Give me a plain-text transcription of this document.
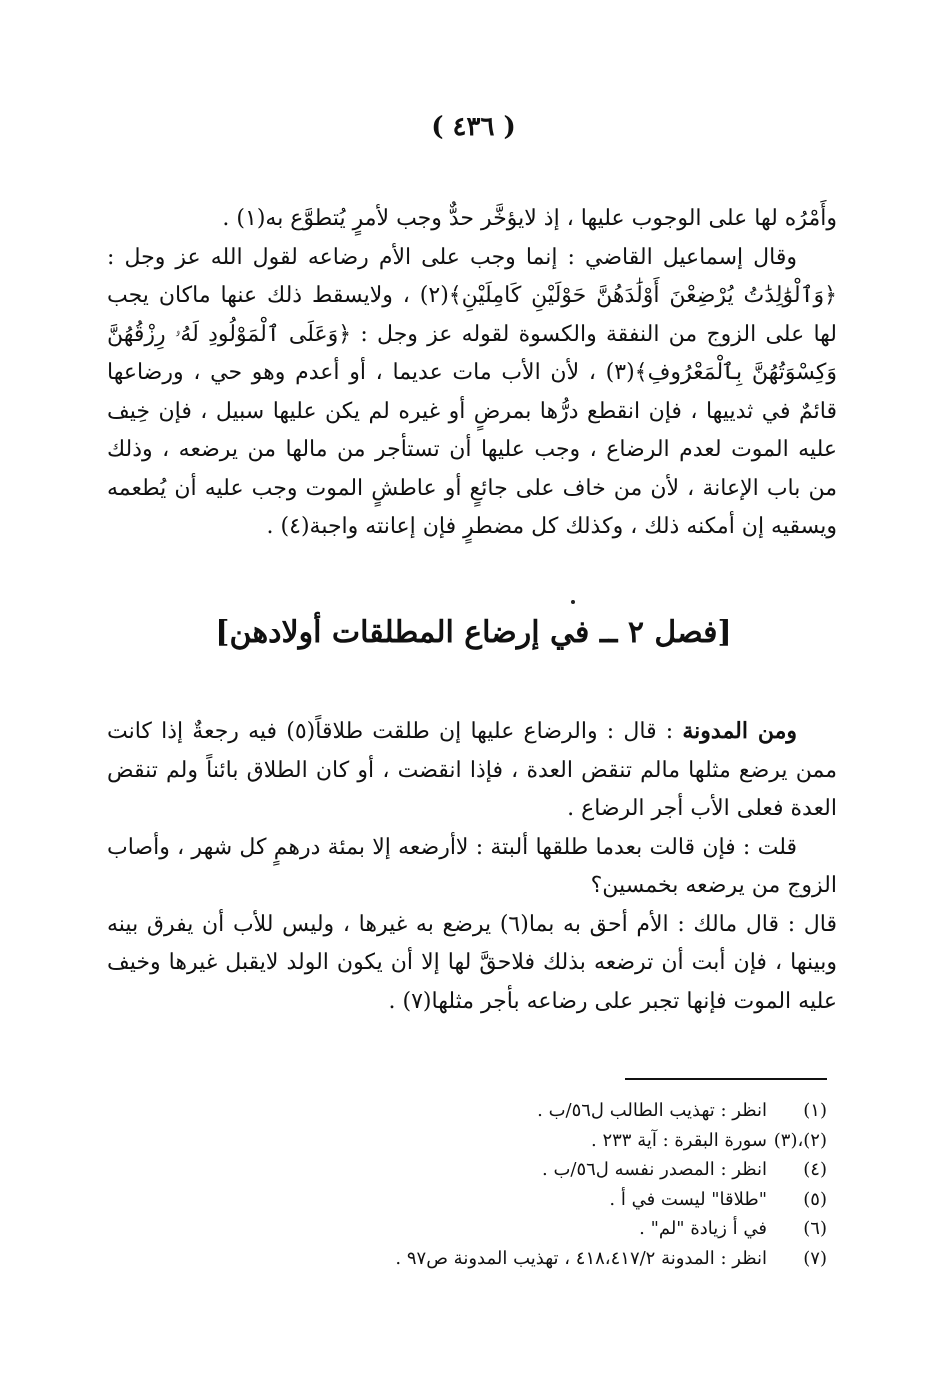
( ٤٣٦ )

وأَمْرُه لها على الوجوب عليها ، إذ لايؤخَّر حدٌّ وجب لأمرٍ يُتطوَّع به(١) .

وقال إسماعيل القاضي : إنما وجب على الأم رضاعه لقول الله عز وجل : ﴿وَٱلْوَٰلِدَٰتُ يُرْضِعْنَ أَوْلَٰدَهُنَّ حَوْلَيْنِ كَامِلَيْنِ﴾(٢) ، ولايسقط ذلك عنها ماكان يجب لها على الزوج من النفقة والكسوة لقوله عز وجل : ﴿وَعَلَى ٱلْمَوْلُودِ لَهُۥ رِزْقُهُنَّ وَكِسْوَتُهُنَّ بِٱلْمَعْرُوفِ﴾(٣) ، لأن الأب مات عديما ، أو أعدم وهو حي ، ورضاعها قائمٌ في ثدييها ، فإن انقطع درُّها بمرضٍ أو غيره لم يكن عليها سبيل ، فإن خِيف عليه الموت لعدم الرضاع ، وجب عليها أن تستأجر من مالها من يرضعه ، وذلك من باب الإعانة ، لأن من خاف على جائعٍ أو عاطشٍ الموت وجب عليه أن يُطعمه ويسقيه إن أمكنه ذلك ، وكذلك كل مضطرٍ فإن إعانته واجبة(٤) .

[فصل ٢ ــ في إرضاع المطلقات أولادهن]

ومن المدونة : قال : والرضاع عليها إن طلقت طلاقاً(٥) فيه رجعةٌ إذا كانت ممن يرضع مثلها مالم تنقض العدة ، فإذا انقضت ، أو كان الطلاق بائناً ولم تنقض العدة فعلى الأب أجر الرضاع .

قلت : فإن قالت بعدما طلقها ألبتة : لاأرضعه إلا بمئة درهمٍ كل شهر ، وأصاب الزوج من يرضعه بخمسين؟

قال : قال مالك : الأم أحق به بما(٦) يرضع به غيرها ، وليس للأب أن يفرق بينه وبينها ، فإن أبت أن ترضعه بذلك فلاحقَّ لها إلا أن يكون الولد لايقبل غيرها وخيف عليه الموت فإنها تجبر على رضاعه بأجر مثلها(٧) .

(١)
انظر : تهذيب الطالب ل٥٦/ب .
(٢)،(٣)
سورة البقرة : آية ٢٣٣ .
(٤)
انظر : المصدر نفسه ل٥٦/ب .
(٥)
"طلاقا" ليست في أ .
(٦)
في أ زيادة "لم" .
(٧)
انظر : المدونة ٤١٨،٤١٧/٢ ، تهذيب المدونة ص٩٧ .
